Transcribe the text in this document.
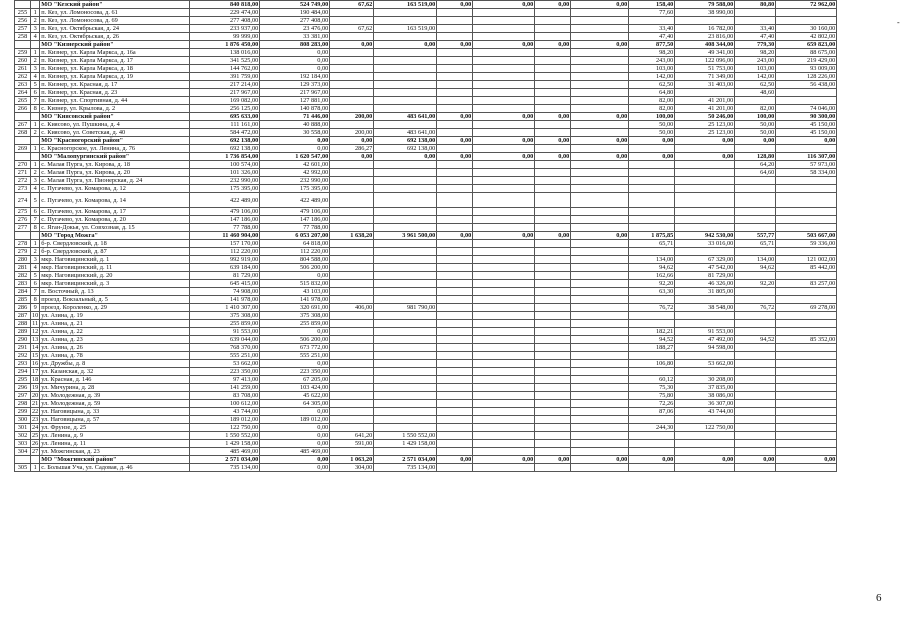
		МО "Кезский район"	840 818,00	524 749,00	67,62	163 519,00	0,00	0,00	0,00	0,00	158,40	79 588,00	80,80	72 962,00
255	1	п. Кез, ул. Ломоносова, д. 61	229 474,00	190 484,00							77,60	38 990,00		
256	2	п. Кез, ул. Ломоносова, д. 69	277 408,00	277 408,00										
257	3	п. Кез, ул. Октябрьская, д. 24	233 937,00	23 476,00	67,62	163 519,00					33,40	16 782,00	33,40	30 160,00
258	4	п. Кез, ул. Октябрьская, д. 26	99 999,00	33 381,00							47,40	23 816,00	47,40	42 802,00
		МО "Кизнерский район"	1 876 450,00	808 283,00	0,00	0,00	0,00	0,00	0,00	0,00	877,50	408 344,00	779,30	659 823,00
259	1	п. Кизнер, ул. Карла Маркса, д. 16а	138 016,00	0,00							98,20	49 341,00	98,20	88 675,00
260	2	п. Кизнер, ул. Карла Маркса, д. 17	341 525,00	0,00							243,00	122 096,00	243,00	219 429,00
261	3	п. Кизнер, ул. Карла Маркса, д. 18	144 762,00	0,00							103,00	51 753,00	103,00	93 009,00
262	4	п. Кизнер, ул. Карла Маркса, д. 19	391 759,00	192 184,00							142,00	71 349,00	142,00	128 226,00
263	5	п. Кизнер, ул. Красная, д. 17	217 214,00	129 373,00							62,50	31 403,00	62,50	56 438,00
264	6	п. Кизнер, ул. Красная, д. 23	217 967,00	217 967,00							64,80		48,60	
265	7	п. Кизнер, ул. Спортивная, д. 44	169 082,00	127 881,00							82,00	41 201,00		
266	8	с. Кизнер, ул. Крылова, д. 2	256 125,00	140 878,00							82,00	41 201,00	82,00	74 046,00
		МО "Киясовский район"	695 633,00	71 446,00	200,00	483 641,00	0,00	0,00	0,00	0,00	100,00	50 246,00	100,00	90 300,00
267	1	с. Киясово, ул. Пушкина, д. 4	111 161,00	40 888,00							50,00	25 123,00	50,00	45 150,00
268	2	с. Киясово, ул. Советская, д. 40	584 472,00	30 558,00	200,00	483 641,00					50,00	25 123,00	50,00	45 150,00
		МО "Красногорский район"	692 138,00	0,00	0,00	692 138,00	0,00	0,00	0,00	0,00	0,00	0,00	0,00	0,00
269	1	с. Красногорское, ул. Ленина, д. 76	692 138,00	0,00	286,27	692 138,00								
		МО "Малопургинский район"	1 736 854,00	1 620 547,00	0,00	0,00	0,00	0,00	0,00	0,00	0,00	0,00	128,80	116 307,00
270	1	с. Малая Пурга, ул. Кирова, д. 18	100 574,00	42 601,00									64,20	57 973,00
271	2	с. Малая Пурга, ул. Кирова, д. 20	101 326,00	42 992,00									64,60	58 334,00
272	3	с. Малая Пурга, ул. Пионерская, д. 24	232 990,00	232 990,00										
273	4	с. Пугачево, ул. Комарова, д. 12	175 395,00	175 395,00										
274	5	с. Пугачево, ул. Комарова, д. 14	422 489,00	422 489,00										
275	6	с. Пугачево, ул. Комарова, д. 17	479 106,00	479 106,00										
276	7	с. Пугачево, ул. Комарова, д. 20	147 186,00	147 186,00										
277	8	с. Яган-Докья, ул. Совхозная, д. 15	77 788,00	77 788,00										
		МО "Город Можга"	11 460 904,00	6 053 207,00	1 638,20	3 961 500,00	0,00	0,00	0,00	0,00	1 875,85	942 530,00	557,77	503 667,00
278	1	б-р. Свердловский, д. 18	157 170,00	64 818,00							65,71	33 016,00	65,71	59 336,00
279	2	б-р. Свердловский, д. 87	112 220,00	112 220,00										
280	3	мкр. Наговицинский, д. 1	992 919,00	804 588,00							134,00	67 329,00	134,00	121 002,00
281	4	мкр. Наговицинский, д. 11	639 184,00	506 200,00							94,62	47 542,00	94,62	85 442,00
282	5	мкр. Наговицинский, д. 20	81 729,00	0,00							162,66	81 729,00		
283	6	мкр. Наговицинский, д. 3	645 415,00	515 832,00							92,20	46 326,00	92,20	83 257,00
284	7	п. Восточный, д. 13	74 908,00	43 103,00							63,30	31 805,00		
285	8	проезд. Вокзальный, д. 5	141 978,00	141 978,00										
286	9	проезд. Короленко, д. 29	1 410 307,00	320 691,00	406,00	981 790,00					76,72	38 548,00	76,72	69 278,00
287	10	ул. Азина, д. 19	375 308,00	375 308,00										
288	11	ул. Азина, д. 21	255 859,00	255 859,00										
289	12	ул. Азина, д. 22	91 553,00	0,00							182,21	91 553,00		
290	13	ул. Азина, д. 23	639 044,00	506 200,00							94,52	47 492,00	94,52	85 352,00
291	14	ул. Азина, д. 26	768 370,00	673 772,00							188,27	94 598,00		
292	15	ул. Азина, д. 78	555 251,00	555 251,00										
293	16	ул. Дружбы, д. 8	53 662,00	0,00							106,80	53 662,00		
294	17	ул. Казанская, д. 32	223 350,00	223 350,00										
295	18	ул. Красная, д. 146	97 413,00	67 205,00							60,12	30 208,00		
296	19	ул. Мичурина, д. 28	141 259,00	103 424,00							75,30	37 835,00		
297	20	ул. Молодежная, д. 39	83 708,00	45 622,00							75,80	38 086,00		
298	21	ул. Молодежная, д. 59	100 612,00	64 305,00							72,26	36 307,00		
299	22	ул. Наговицына, д. 33	43 744,00	0,00							87,06	43 744,00		
300	23	ул. Наговицына, д. 57	189 012,00	189 012,00										
301	24	ул. Фрунзе, д. 25	122 750,00	0,00							244,30	122 750,00		
302	25	ул. Ленина, д. 9	1 550 552,00	0,00	641,20	1 550 552,00								
303	26	ул. Ленина, д. 11	1 429 158,00	0,00	591,00	1 429 158,00								
304	27	ул. Можгинская, д. 23	485 469,00	485 469,00										
		МО "Можгинский район"	2 571 034,00	0,00	1 063,20	2 571 034,00	0,00	0,00	0,00	0,00	0,00	0,00	0,00	0,00
305	1	с. Большая Уча, ул. Садовая, д. 46	735 134,00	0,00	304,00	735 134,00								
-
6
